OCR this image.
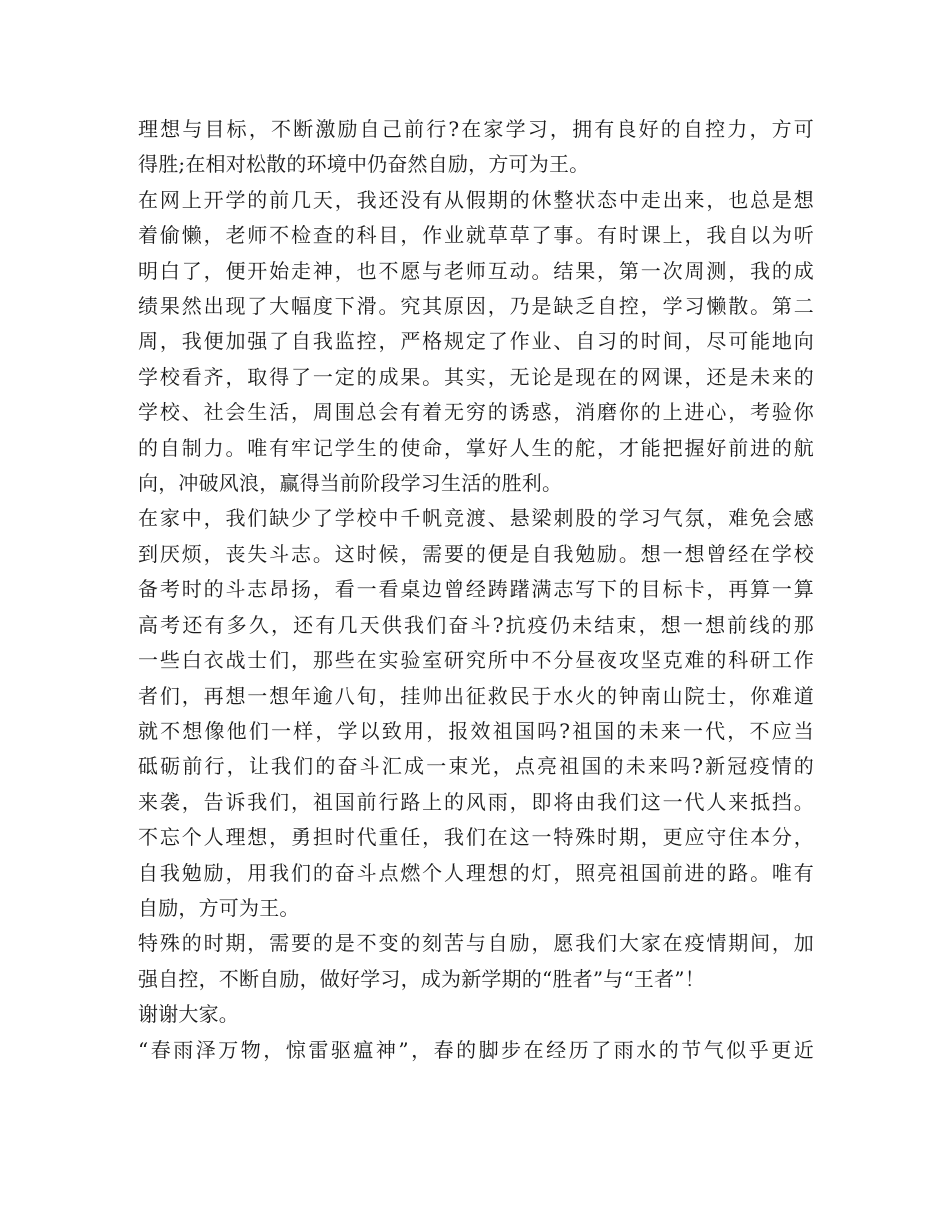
理想与目标，不断激励自己前行?在家学习，拥有良好的自控力，方可
得胜;在相对松散的环境中仍奋然自励，方可为王。
在网上开学的前几天，我还没有从假期的休整状态中走出来，也总是想
着偷懒，老师不检查的科目，作业就草草了事。有时课上，我自以为听
明白了，便开始走神，也不愿与老师互动。结果，第一次周测，我的成
绩果然出现了大幅度下滑。究其原因，乃是缺乏自控，学习懒散。第二
周，我便加强了自我监控，严格规定了作业、自习的时间，尽可能地向
学校看齐，取得了一定的成果。其实，无论是现在的网课，还是未来的
学校、社会生活，周围总会有着无穷的诱惑，消磨你的上进心，考验你
的自制力。唯有牢记学生的使命，掌好人生的舵，才能把握好前进的航
向，冲破风浪，赢得当前阶段学习生活的胜利。
在家中，我们缺少了学校中千帆竞渡、悬梁刺股的学习气氛，难免会感
到厌烦，丧失斗志。这时候，需要的便是自我勉励。想一想曾经在学校
备考时的斗志昂扬，看一看桌边曾经踌躇满志写下的目标卡，再算一算
高考还有多久，还有几天供我们奋斗?抗疫仍未结束，想一想前线的那
一些白衣战士们，那些在实验室研究所中不分昼夜攻坚克难的科研工作
者们，再想一想年逾八旬，挂帅出征救民于水火的钟南山院士，你难道
就不想像他们一样，学以致用，报效祖国吗?祖国的未来一代，不应当
砥砺前行，让我们的奋斗汇成一束光，点亮祖国的未来吗?新冠疫情的
来袭，告诉我们，祖国前行路上的风雨，即将由我们这一代人来抵挡。
不忘个人理想，勇担时代重任，我们在这一特殊时期，更应守住本分，
自我勉励，用我们的奋斗点燃个人理想的灯，照亮祖国前进的路。唯有
自励，方可为王。
特殊的时期，需要的是不变的刻苦与自励，愿我们大家在疫情期间，加
强自控，不断自励，做好学习，成为新学期的“胜者”与“王者”！
谢谢大家。
“春雨泽万物，惊雷驱瘟神”，春的脚步在经历了雨水的节气似乎更近
